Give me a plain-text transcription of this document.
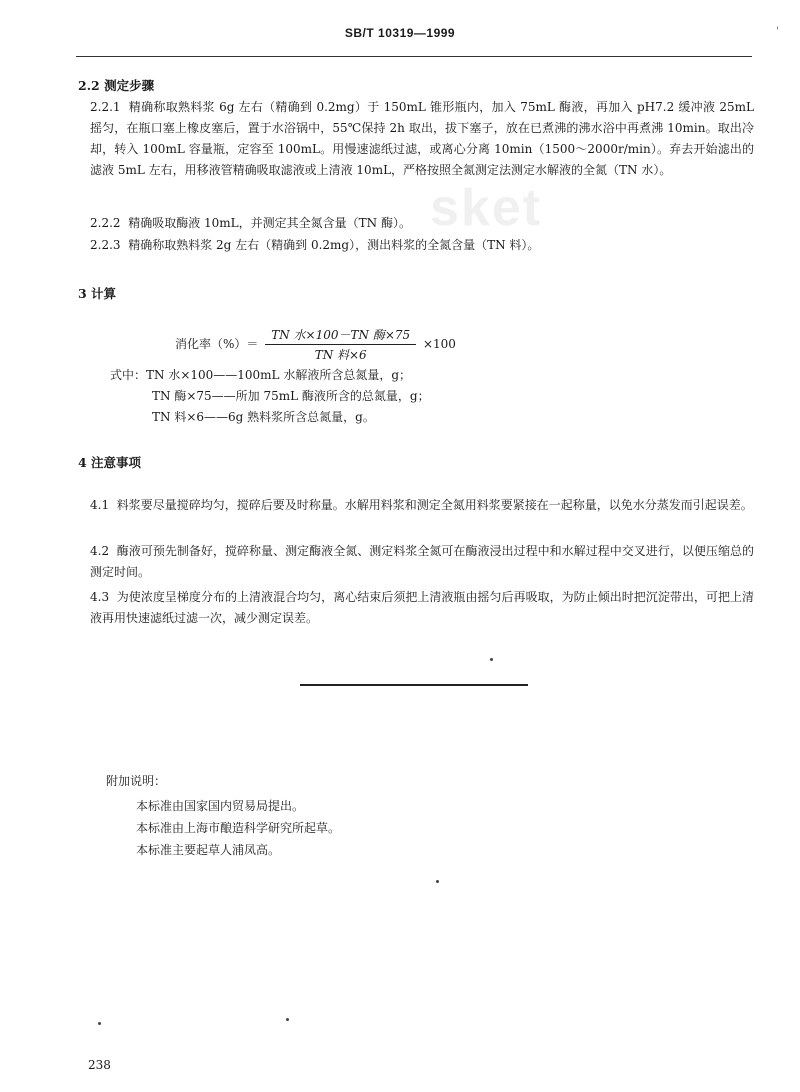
SB/T 10319—1999	'
sket
2.2 测定步骤
2.2.1 精确称取熟料浆 6g 左右（精确到 0.2mg）于 150mL 锥形瓶内，加入 75mL 酶液，再加入 pH7.2 缓冲液 25mL 摇匀，在瓶口塞上橡皮塞后，置于水浴锅中，55℃保持 2h 取出，拔下塞子，放在已煮沸的沸水浴中再煮沸 10min。取出冷却，转入 100mL 容量瓶，定容至 100mL。用慢速滤纸过滤，或离心分离 10min（1500～2000r/min）。弃去开始滤出的滤液 5mL 左右，用移液管精确吸取滤液或上清液 10mL，严格按照全氮测定法测定水解液的全氮（TN 水）。
2.2.2 精确吸取酶液 10mL，并测定其全氮含量（TN 酶）。
2.2.3 精确称取熟料浆 2g 左右（精确到 0.2mg），测出料浆的全氮含量（TN 料）。
3 计算
消化率（%）＝ $\frac{\text{TN 水×100－TN 酶×75}}{\text{TN 料×6}} \times 100$
式中：TN 水×100——100mL 水解液所含总氮量，g；
TN 酶×75——所加 75mL 酶液所含的总氮量，g；
TN 料×6——6g 熟料浆所含总氮量，g。
4 注意事项
4.1 料浆要尽量搅碎均匀，搅碎后要及时称量。水解用料浆和测定全氮用料浆要紧接在一起称量，以免水分蒸发而引起误差。
4.2 酶液可预先制备好，搅碎称量、测定酶液全氮、测定料浆全氮可在酶液浸出过程中和水解过程中交叉进行，以便压缩总的测定时间。
4.3 为使浓度呈梯度分布的上清液混合均匀，离心结束后须把上清液瓶由摇匀后再吸取，为防止倾出时把沉淀带出，可把上清液再用快速滤纸过滤一次，减少测定误差。
附加说明：
本标准由国家国内贸易局提出。
本标准由上海市酿造科学研究所起草。
本标准主要起草人浦凤高。
238
